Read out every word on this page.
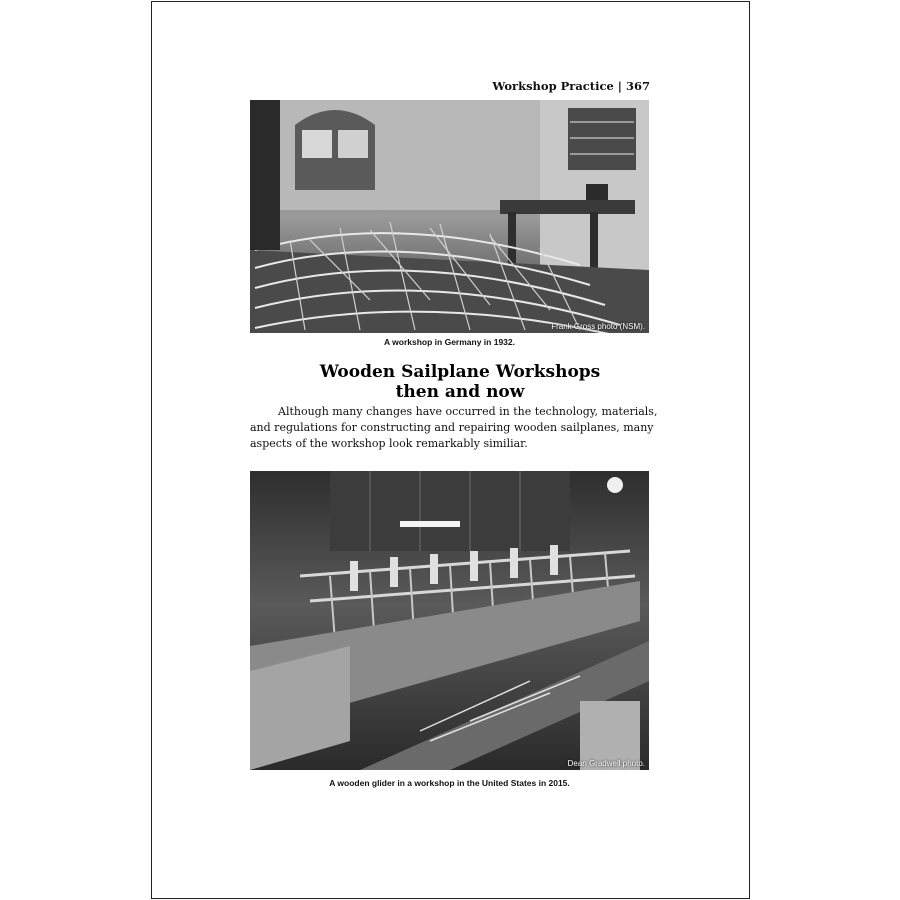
Workshop Practice | 367
Frank Gross photo (NSM).
A workshop in Germany in 1932.
Wooden Sailplane Workshops
then and now

Although many changes have occurred in the technology, materials, and regulations for constructing and repairing wooden sailplanes, many aspects of the workshop look remarkably similiar.

Dean Gradwell photo.
A wooden glider in a workshop in the United States in 2015.
